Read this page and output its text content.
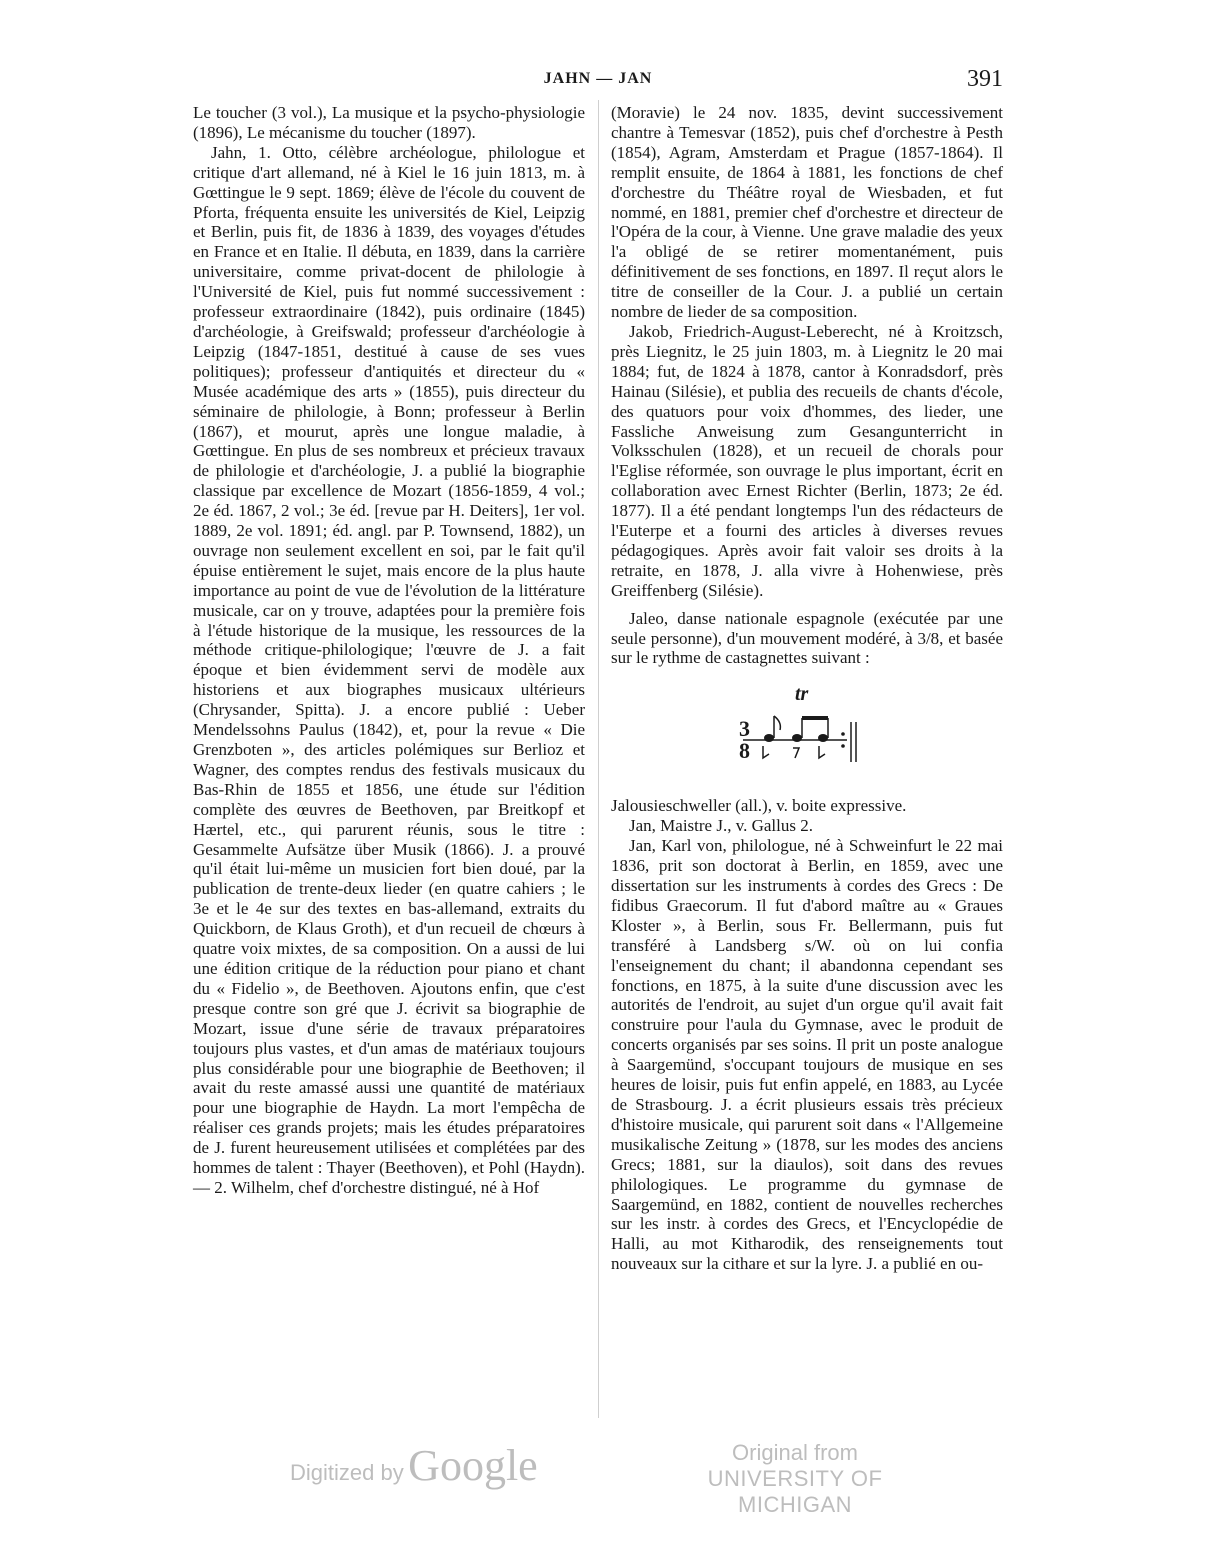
JAHN — JAN	391

Le toucher (3 vol.), La musique et la psycho-physiologie (1896), Le mécanisme du toucher (1897).

Jahn, 1. Otto, célèbre archéologue, philologue et critique d'art allemand, né à Kiel le 16 juin 1813, m. à Gœttingue le 9 sept. 1869; élève de l'école du couvent de Pforta, fréquenta ensuite les universités de Kiel, Leipzig et Berlin, puis fit, de 1836 à 1839, des voyages d'études en France et en Italie. Il débuta, en 1839, dans la carrière universitaire, comme privat-docent de philologie à l'Université de Kiel, puis fut nommé successivement : professeur extraordinaire (1842), puis ordinaire (1845) d'archéologie, à Greifswald; professeur d'archéologie à Leipzig (1847-1851, destitué à cause de ses vues politiques); professeur d'antiquités et directeur du « Musée académique des arts » (1855), puis directeur du séminaire de philologie, à Bonn; professeur à Berlin (1867), et mourut, après une longue maladie, à Gœttingue. En plus de ses nombreux et précieux travaux de philologie et d'archéologie, J. a publié la biographie classique par excellence de Mozart (1856-1859, 4 vol.; 2e éd. 1867, 2 vol.; 3e éd. [revue par H. Deiters], 1er vol. 1889, 2e vol. 1891; éd. angl. par P. Townsend, 1882), un ouvrage non seulement excellent en soi, par le fait qu'il épuise entièrement le sujet, mais encore de la plus haute importance au point de vue de l'évolution de la littérature musicale, car on y trouve, adaptées pour la première fois à l'étude historique de la musique, les ressources de la méthode critique-philologique; l'œuvre de J. a fait époque et bien évidemment servi de modèle aux historiens et aux biographes musicaux ultérieurs (Chrysander, Spitta). J. a encore publié : Ueber Mendelssohns Paulus (1842), et, pour la revue « Die Grenzboten », des articles polémiques sur Berlioz et Wagner, des comptes rendus des festivals musicaux du Bas-Rhin de 1855 et 1856, une étude sur l'édition complète des œuvres de Beethoven, par Breitkopf et Hærtel, etc., qui parurent réunis, sous le titre : Gesammelte Aufsätze über Musik (1866). J. a prouvé qu'il était lui-même un musicien fort bien doué, par la publication de trente-deux lieder (en quatre cahiers ; le 3e et le 4e sur des textes en bas-allemand, extraits du Quickborn, de Klaus Groth), et d'un recueil de chœurs à quatre voix mixtes, de sa composition. On a aussi de lui une édition critique de la réduction pour piano et chant du « Fidelio », de Beethoven. Ajoutons enfin, que c'est presque contre son gré que J. écrivit sa biographie de Mozart, issue d'une série de travaux préparatoires toujours plus vastes, et d'un amas de matériaux toujours plus considérable pour une biographie de Beethoven; il avait du reste amassé aussi une quantité de matériaux pour une biographie de Haydn. La mort l'empêcha de réaliser ces grands projets; mais les études préparatoires de J. furent heureusement utilisées et complétées par des hommes de talent : Thayer (Beethoven), et Pohl (Haydn). — 2. Wilhelm, chef d'orchestre distingué, né à Hof

(Moravie) le 24 nov. 1835, devint successivement chantre à Temesvar (1852), puis chef d'orchestre à Pesth (1854), Agram, Amsterdam et Prague (1857-1864). Il remplit ensuite, de 1864 à 1881, les fonctions de chef d'orchestre du Théâtre royal de Wiesbaden, et fut nommé, en 1881, premier chef d'orchestre et directeur de l'Opéra de la cour, à Vienne. Une grave maladie des yeux l'a obligé de se retirer momentanément, puis définitivement de ses fonctions, en 1897. Il reçut alors le titre de conseiller de la Cour. J. a publié un certain nombre de lieder de sa composition.

Jakob, Friedrich-August-Leberecht, né à Kroitzsch, près Liegnitz, le 25 juin 1803, m. à Liegnitz le 20 mai 1884; fut, de 1824 à 1878, cantor à Konradsdorf, près Hainau (Silésie), et publia des recueils de chants d'école, des quatuors pour voix d'hommes, des lieder, une Fassliche Anweisung zum Gesangunterricht in Volksschulen (1828), et un recueil de chorals pour l'Eglise réformée, son ouvrage le plus important, écrit en collaboration avec Ernest Richter (Berlin, 1873; 2e éd. 1877). Il a été pendant longtemps l'un des rédacteurs de l'Euterpe et a fourni des articles à diverses revues pédagogiques. Après avoir fait valoir ses droits à la retraite, en 1878, J. alla vivre à Hohenwiese, près Greiffenberg (Silésie).

Jaleo, danse nationale espagnole (exécutée par une seule personne), d'un mouvement modéré, à 3/8, et basée sur le rythme de castagnettes suivant :

tr
3
8

Jalousieschweller (all.), v. boite expressive.

Jan, Maistre J., v. Gallus 2.

Jan, Karl von, philologue, né à Schweinfurt le 22 mai 1836, prit son doctorat à Berlin, en 1859, avec une dissertation sur les instruments à cordes des Grecs : De fidibus Graecorum. Il fut d'abord maître au « Graues Kloster », à Berlin, sous Fr. Bellermann, puis fut transféré à Landsberg s/W. où on lui confia l'enseignement du chant; il abandonna cependant ses fonctions, en 1875, à la suite d'une discussion avec les autorités de l'endroit, au sujet d'un orgue qu'il avait fait construire pour l'aula du Gymnase, avec le produit de concerts organisés par ses soins. Il prit un poste analogue à Saargemünd, s'occupant toujours de musique en ses heures de loisir, puis fut enfin appelé, en 1883, au Lycée de Strasbourg. J. a écrit plusieurs essais très précieux d'histoire musicale, qui parurent soit dans « l'Allgemeine musikalische Zeitung » (1878, sur les modes des anciens Grecs; 1881, sur la diaulos), soit dans des revues philologiques. Le programme du gymnase de Saargemünd, en 1882, contient de nouvelles recherches sur les instr. à cordes des Grecs, et l'Encyclopédie de Halli, au mot Kitharodik, des renseignements tout nouveaux sur la cithare et sur la lyre. J. a publié en ou-

Digitized by Google	Original from
UNIVERSITY OF MICHIGAN
